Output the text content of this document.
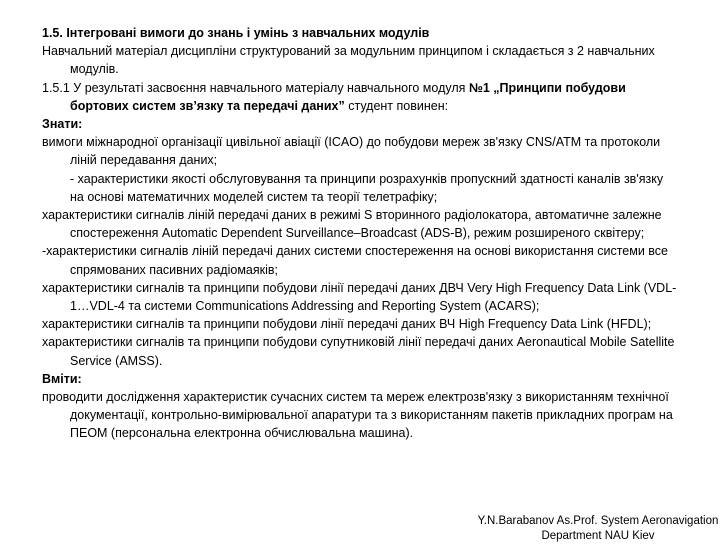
1.5. Інтегровані вимоги до знань і умінь з навчальних модулів

Навчальний матеріал дисципліни структурований за модульним принципом і складається з 2 навчальних модулів.

1.5.1 У результаті засвоєння навчального матеріалу навчального модуля №1 „Принципи побудови бортових систем зв’язку та передачі даних” студент повинен:

Знати:

вимоги міжнародної організації цивільної авіації (ICAO) до побудови мереж зв'язку CNS/ATM та протоколи ліній передавання даних;

- характеристики якості обслуговування та принципи розрахунків пропускний здатності каналів зв'язку на основі математичних моделей систем та теорії телетрафіку;

характеристики сигналів ліній передачі даних в режимі S вторинного радіолокатора, автоматичне залежне спостереження Automatic Dependent Surveillance–Broadcast (ADS-B), режим розширеного сквітеру;

-характеристики сигналів ліній передачі даних системи спостереження на основі використання системи все спрямованих пасивних радіомаяків;

характеристики сигналів та принципи побудови лінії передачі даних ДВЧ Very High Frequency Data Link (VDL-1…VDL-4 та системи Communications Addressing and Reporting System (ACARS);

характеристики сигналів та принципи побудови лінії передачі даних ВЧ High Frequency Data Link (HFDL);

характеристики сигналів та принципи побудови супутниковій лінії передачі даних Aeronautical Mobile Satellite Service (AMSS).

Вміти:

проводити дослідження характеристик сучасних систем та мереж електрозв'язку з використанням технічної документації, контрольно-вимірювальної апаратури та з використанням пакетів прикладних програм на ПЕОМ (персональна електронна обчислювальна машина).

Y.N.Barabanov As.Prof. System Aeronavigation
Department NAU Kiev
